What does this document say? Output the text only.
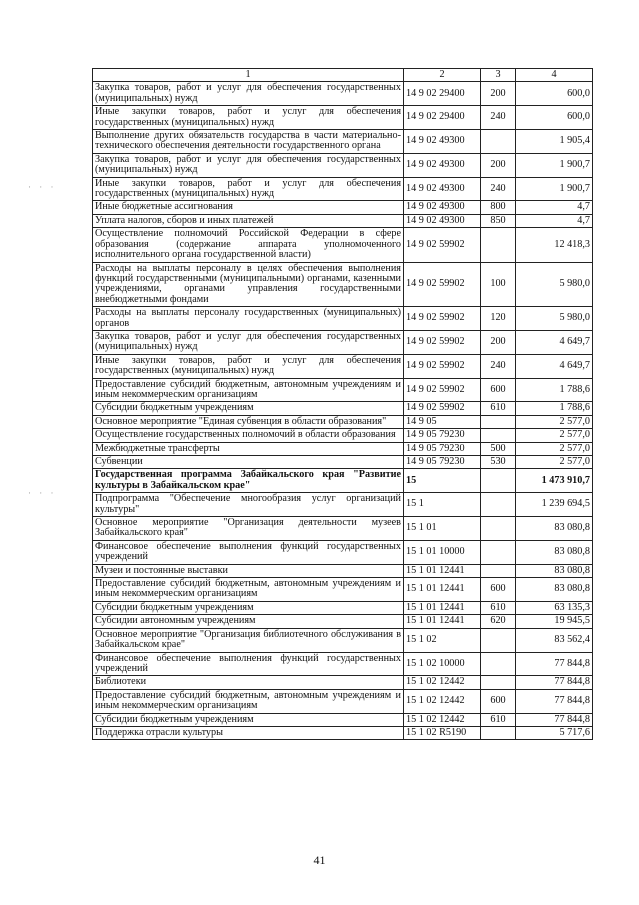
· · ·
· · ·
1	2	3	4
Закупка товаров, работ и услуг для обеспечения государственных (муниципальных) нужд	14 9 02 29400	200	600,0
Иные закупки товаров, работ и услуг для обеспечения государственных (муниципальных) нужд	14 9 02 29400	240	600,0
Выполнение других обязательств государства в части материально-технического обеспечения деятельности государственного органа	14 9 02 49300		1 905,4
Закупка товаров, работ и услуг для обеспечения государственных (муниципальных) нужд	14 9 02 49300	200	1 900,7
Иные закупки товаров, работ и услуг для обеспечения государственных (муниципальных) нужд	14 9 02 49300	240	1 900,7
Иные бюджетные ассигнования	14 9 02 49300	800	4,7
Уплата налогов, сборов и иных платежей	14 9 02 49300	850	4,7
Осуществление полномочий Российской Федерации в сфере образования (содержание аппарата уполномоченного исполнительного органа государственной власти)	14 9 02 59902		12 418,3
Расходы на выплаты персоналу в целях обеспечения выполнения функций государственными (муниципальными) органами, казенными учреждениями, органами управления государственными внебюджетными фондами	14 9 02 59902	100	5 980,0
Расходы на выплаты персоналу государственных (муниципальных) органов	14 9 02 59902	120	5 980,0
Закупка товаров, работ и услуг для обеспечения государственных (муниципальных) нужд	14 9 02 59902	200	4 649,7
Иные закупки товаров, работ и услуг для обеспечения государственных (муниципальных) нужд	14 9 02 59902	240	4 649,7
Предоставление субсидий бюджетным, автономным учреждениям и иным некоммерческим организациям	14 9 02 59902	600	1 788,6
Субсидии бюджетным учреждениям	14 9 02 59902	610	1 788,6
Основное мероприятие "Единая субвенция в области образования"	14 9 05		2 577,0
Осуществление государственных полномочий в области образования	14 9 05 79230		2 577,0
Межбюджетные трансферты	14 9 05 79230	500	2 577,0
Субвенции	14 9 05 79230	530	2 577,0
Государственная программа Забайкальского края "Развитие культуры в Забайкальском крае"	15		1 473 910,7
Подпрограмма "Обеспечение многообразия услуг организаций культуры"	15 1		1 239 694,5
Основное мероприятие "Организация деятельности музеев Забайкальского края"	15 1 01		83 080,8
Финансовое обеспечение выполнения функций государственных учреждений	15 1 01 10000		83 080,8
Музеи и постоянные выставки	15 1 01 12441		83 080,8
Предоставление субсидий бюджетным, автономным учреждениям и иным некоммерческим организациям	15 1 01 12441	600	83 080,8
Субсидии бюджетным учреждениям	15 1 01 12441	610	63 135,3
Субсидии автономным учреждениям	15 1 01 12441	620	19 945,5
Основное мероприятие "Организация библиотечного обслуживания в Забайкальском крае"	15 1 02		83 562,4
Финансовое обеспечение выполнения функций государственных учреждений	15 1 02 10000		77 844,8
Библиотеки	15 1 02 12442		77 844,8
Предоставление субсидий бюджетным, автономным учреждениям и иным некоммерческим организациям	15 1 02 12442	600	77 844,8
Субсидии бюджетным учреждениям	15 1 02 12442	610	77 844,8
Поддержка отрасли культуры	15 1 02 R5190		5 717,6
41
